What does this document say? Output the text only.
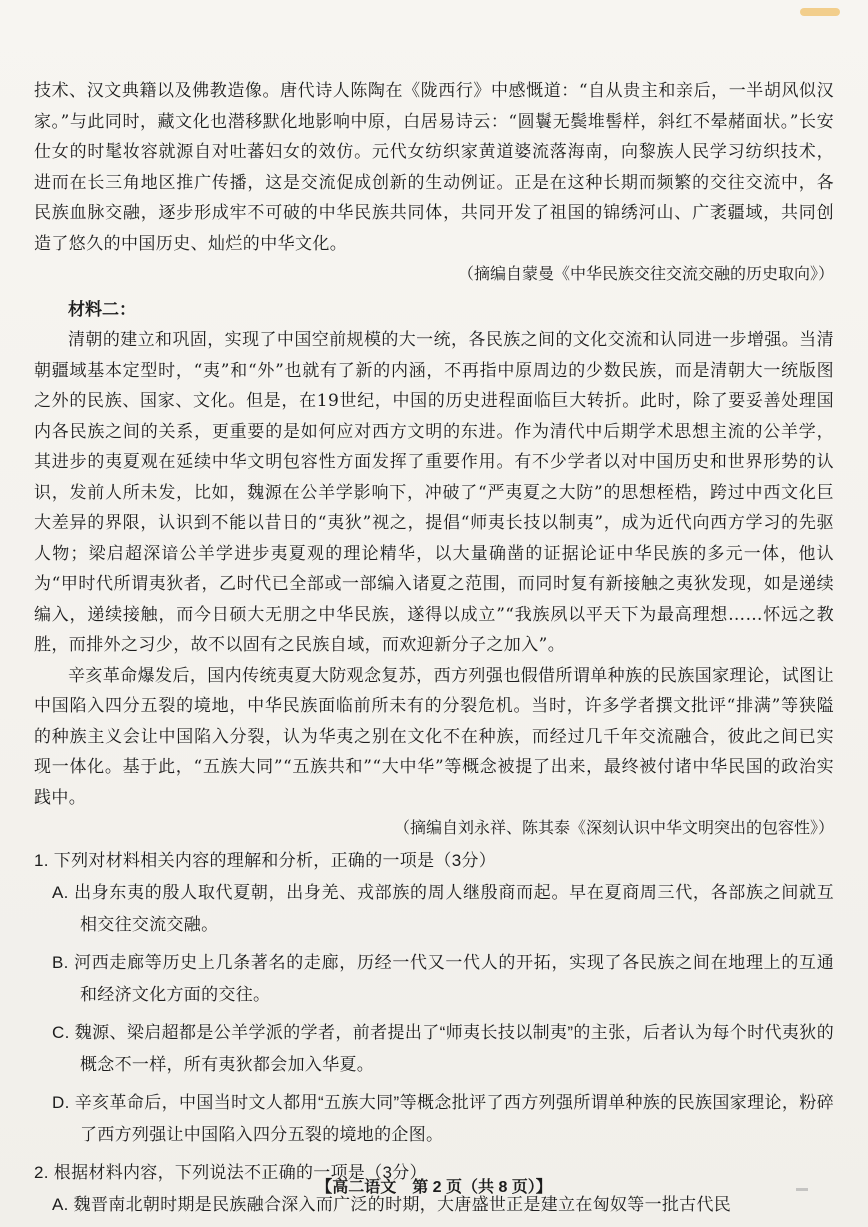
技术、汉文典籍以及佛教造像。唐代诗人陈陶在《陇西行》中感慨道：“自从贵主和亲后，一半胡风似汉家。”与此同时，藏文化也潜移默化地影响中原，白居易诗云：“圆鬟无鬓堆髻样，斜红不晕赭面状。”长安仕女的时髦妆容就源自对吐蕃妇女的效仿。元代女纺织家黄道婆流落海南，向黎族人民学习纺织技术，进而在长三角地区推广传播，这是交流促成创新的生动例证。正是在这种长期而频繁的交往交流中，各民族血脉交融，逐步形成牢不可破的中华民族共同体，共同开发了祖国的锦绣河山、广袤疆域，共同创造了悠久的中国历史、灿烂的中华文化。

（摘编自蒙曼《中华民族交往交流交融的历史取向》）

材料二：

清朝的建立和巩固，实现了中国空前规模的大一统，各民族之间的文化交流和认同进一步增强。当清朝疆域基本定型时，“夷”和“外”也就有了新的内涵，不再指中原周边的少数民族，而是清朝大一统版图之外的民族、国家、文化。但是，在19世纪，中国的历史进程面临巨大转折。此时，除了要妥善处理国内各民族之间的关系，更重要的是如何应对西方文明的东进。作为清代中后期学术思想主流的公羊学，其进步的夷夏观在延续中华文明包容性方面发挥了重要作用。有不少学者以对中国历史和世界形势的认识，发前人所未发，比如，魏源在公羊学影响下，冲破了“严夷夏之大防”的思想桎梏，跨过中西文化巨大差异的界限，认识到不能以昔日的“夷狄”视之，提倡“师夷长技以制夷”，成为近代向西方学习的先驱人物；梁启超深谙公羊学进步夷夏观的理论精华，以大量确凿的证据论证中华民族的多元一体，他认为“甲时代所谓夷狄者，乙时代已全部或一部编入诸夏之范围，而同时复有新接触之夷狄发现，如是递续编入，递续接触，而今日硕大无朋之中华民族，遂得以成立”“我族夙以平天下为最高理想……怀远之教胜，而排外之习少，故不以固有之民族自域，而欢迎新分子之加入”。

辛亥革命爆发后，国内传统夷夏大防观念复苏，西方列强也假借所谓单种族的民族国家理论，试图让中国陷入四分五裂的境地，中华民族面临前所未有的分裂危机。当时，许多学者撰文批评“排满”等狭隘的种族主义会让中国陷入分裂，认为华夷之别在文化不在种族，而经过几千年交流融合，彼此之间已实现一体化。基于此，“五族大同”“五族共和”“大中华”等概念被提了出来，最终被付诸中华民国的政治实践中。

（摘编自刘永祥、陈其泰《深刻认识中华文明突出的包容性》）

1. 下列对材料相关内容的理解和分析，正确的一项是（3分）

A. 出身东夷的殷人取代夏朝，出身羌、戎部族的周人继殷商而起。早在夏商周三代，各部族之间就互相交往交流交融。

B. 河西走廊等历史上几条著名的走廊，历经一代又一代人的开拓，实现了各民族之间在地理上的互通和经济文化方面的交往。

C. 魏源、梁启超都是公羊学派的学者，前者提出了“师夷长技以制夷”的主张，后者认为每个时代夷狄的概念不一样，所有夷狄都会加入华夏。

D. 辛亥革命后，中国当时文人都用“五族大同”等概念批评了西方列强所谓单种族的民族国家理论，粉碎了西方列强让中国陷入四分五裂的境地的企图。

2. 根据材料内容，下列说法不正确的一项是（3分）

A. 魏晋南北朝时期是民族融合深入而广泛的时期，大唐盛世正是建立在匈奴等一批古代民

【高二语文　第 2 页（共 8 页）】
